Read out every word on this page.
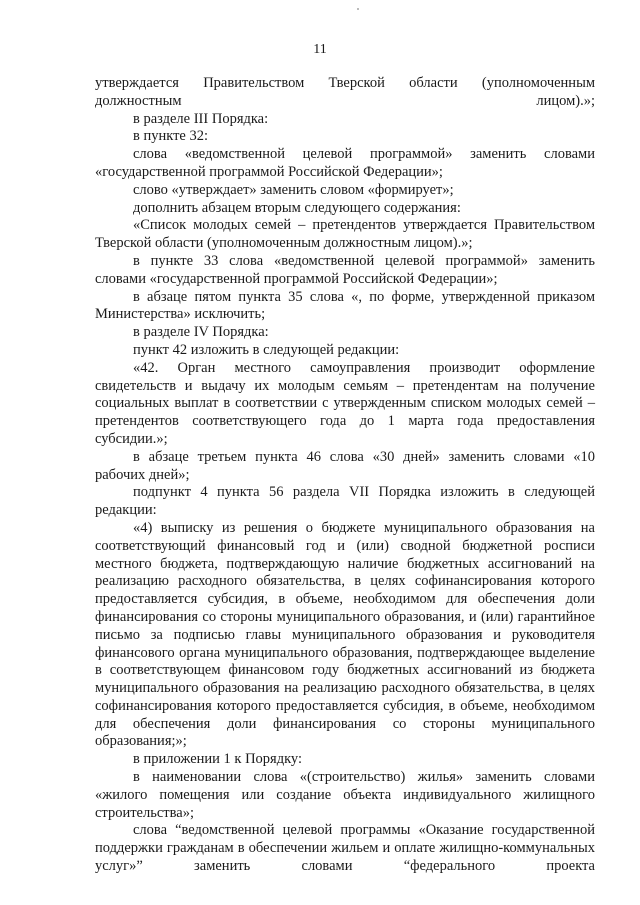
11

утверждается Правительством Тверской области (уполномоченным должностным лицом).»;

в разделе III Порядка:

в пункте 32:

слова «ведомственной целевой программой» заменить словами «государственной программой Российской Федерации»;

слово «утверждает» заменить словом «формирует»;

дополнить абзацем вторым следующего содержания:

«Список молодых семей – претендентов утверждается Правительством Тверской области (уполномоченным должностным лицом).»;

в пункте 33 слова «ведомственной целевой программой» заменить словами «государственной программой Российской Федерации»;

в абзаце пятом пункта 35 слова «, по форме, утвержденной приказом Министерства» исключить;

в разделе IV Порядка:

пункт 42 изложить в следующей редакции:

«42. Орган местного самоуправления производит оформление свидетельств и выдачу их молодым семьям – претендентам на получение социальных выплат в соответствии с утвержденным списком молодых семей – претендентов соответствующего года до 1 марта года предоставления субсидии.»;

в абзаце третьем пункта 46 слова «30 дней» заменить словами «10 рабочих дней»;

подпункт 4 пункта 56 раздела VII Порядка изложить в следующей редакции:

«4) выписку из решения о бюджете муниципального образования на соответствующий финансовый год и (или) сводной бюджетной росписи местного бюджета, подтверждающую наличие бюджетных ассигнований на реализацию расходного обязательства, в целях софинансирования которого предоставляется субсидия, в объеме, необходимом для обеспечения доли финансирования со стороны муниципального образования, и (или) гарантийное письмо за подписью главы муниципального образования и руководителя финансового органа муниципального образования, подтверждающее выделение в соответствующем финансовом году бюджетных ассигнований из бюджета муниципального образования на реализацию расходного обязательства, в целях софинансирования которого предоставляется субсидия, в объеме, необходимом для обеспечения доли финансирования со стороны муниципального образования;»;

в приложении 1 к Порядку:

в наименовании слова «(строительство) жилья» заменить словами «жилого помещения или создание объекта индивидуального жилищного строительства»;

слова “ведомственной целевой программы «Оказание государственной поддержки гражданам в обеспечении жильем и оплате жилищно-коммунальных услуг»” заменить словами “федерального проекта
